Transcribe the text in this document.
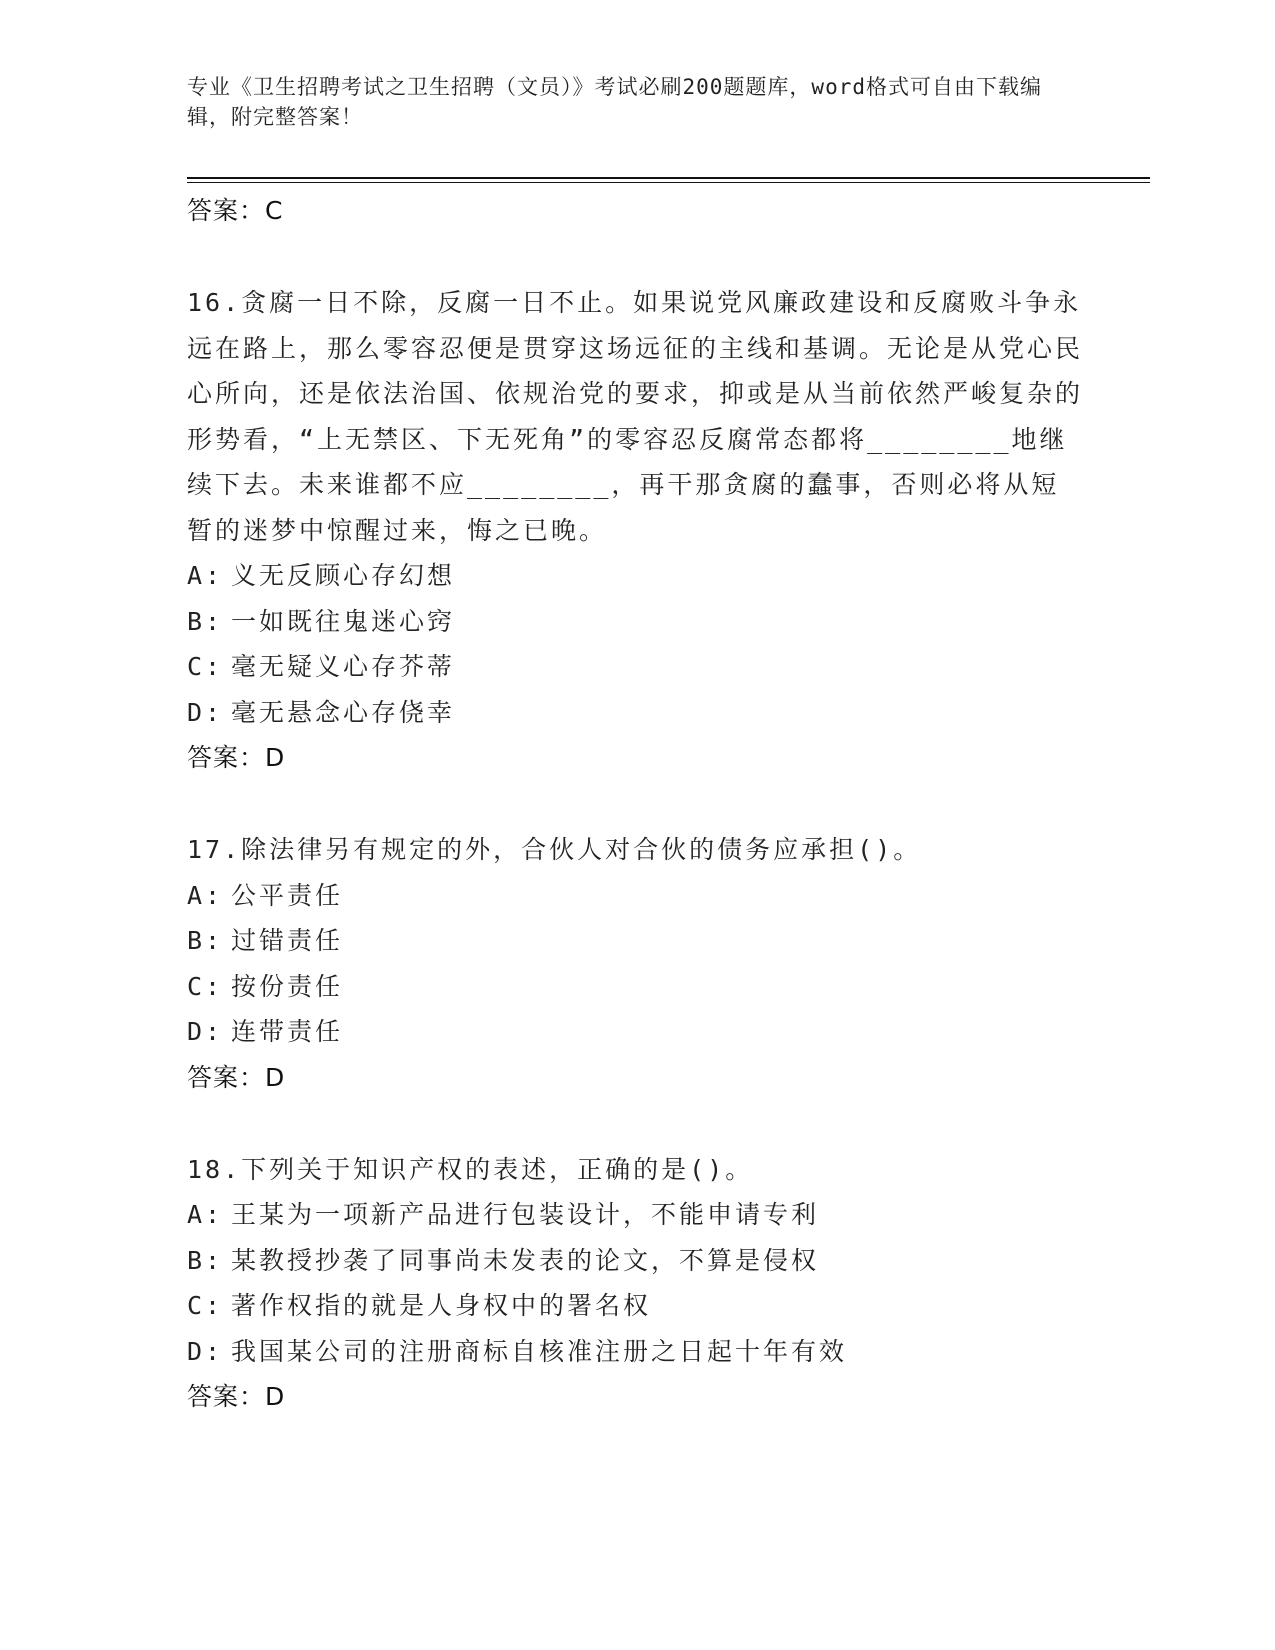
专业《卫生招聘考试之卫生招聘（文员）》考试必刷200题题库，word格式可自由下载编辑，附完整答案！
答案：C
16.贪腐一日不除，反腐一日不止。如果说党风廉政建设和反腐败斗争永远在路上，那么零容忍便是贯穿这场远征的主线和基调。无论是从党心民心所向，还是依法治国、依规治党的要求，抑或是从当前依然严峻复杂的形势看，“上无禁区、下无死角”的零容忍反腐常态都将________地继续下去。未来谁都不应________，再干那贪腐的蠢事，否则必将从短暂的迷梦中惊醒过来，悔之已晚。
A: 义无反顾心存幻想
B: 一如既往鬼迷心窍
C: 毫无疑义心存芥蒂
D: 毫无悬念心存侥幸
答案：D
17.除法律另有规定的外，合伙人对合伙的债务应承担()。
A: 公平责任
B: 过错责任
C: 按份责任
D: 连带责任
答案：D
18.下列关于知识产权的表述，正确的是()。
A: 王某为一项新产品进行包装设计，不能申请专利
B: 某教授抄袭了同事尚未发表的论文，不算是侵权
C: 著作权指的就是人身权中的署名权
D: 我国某公司的注册商标自核准注册之日起十年有效
答案：D
